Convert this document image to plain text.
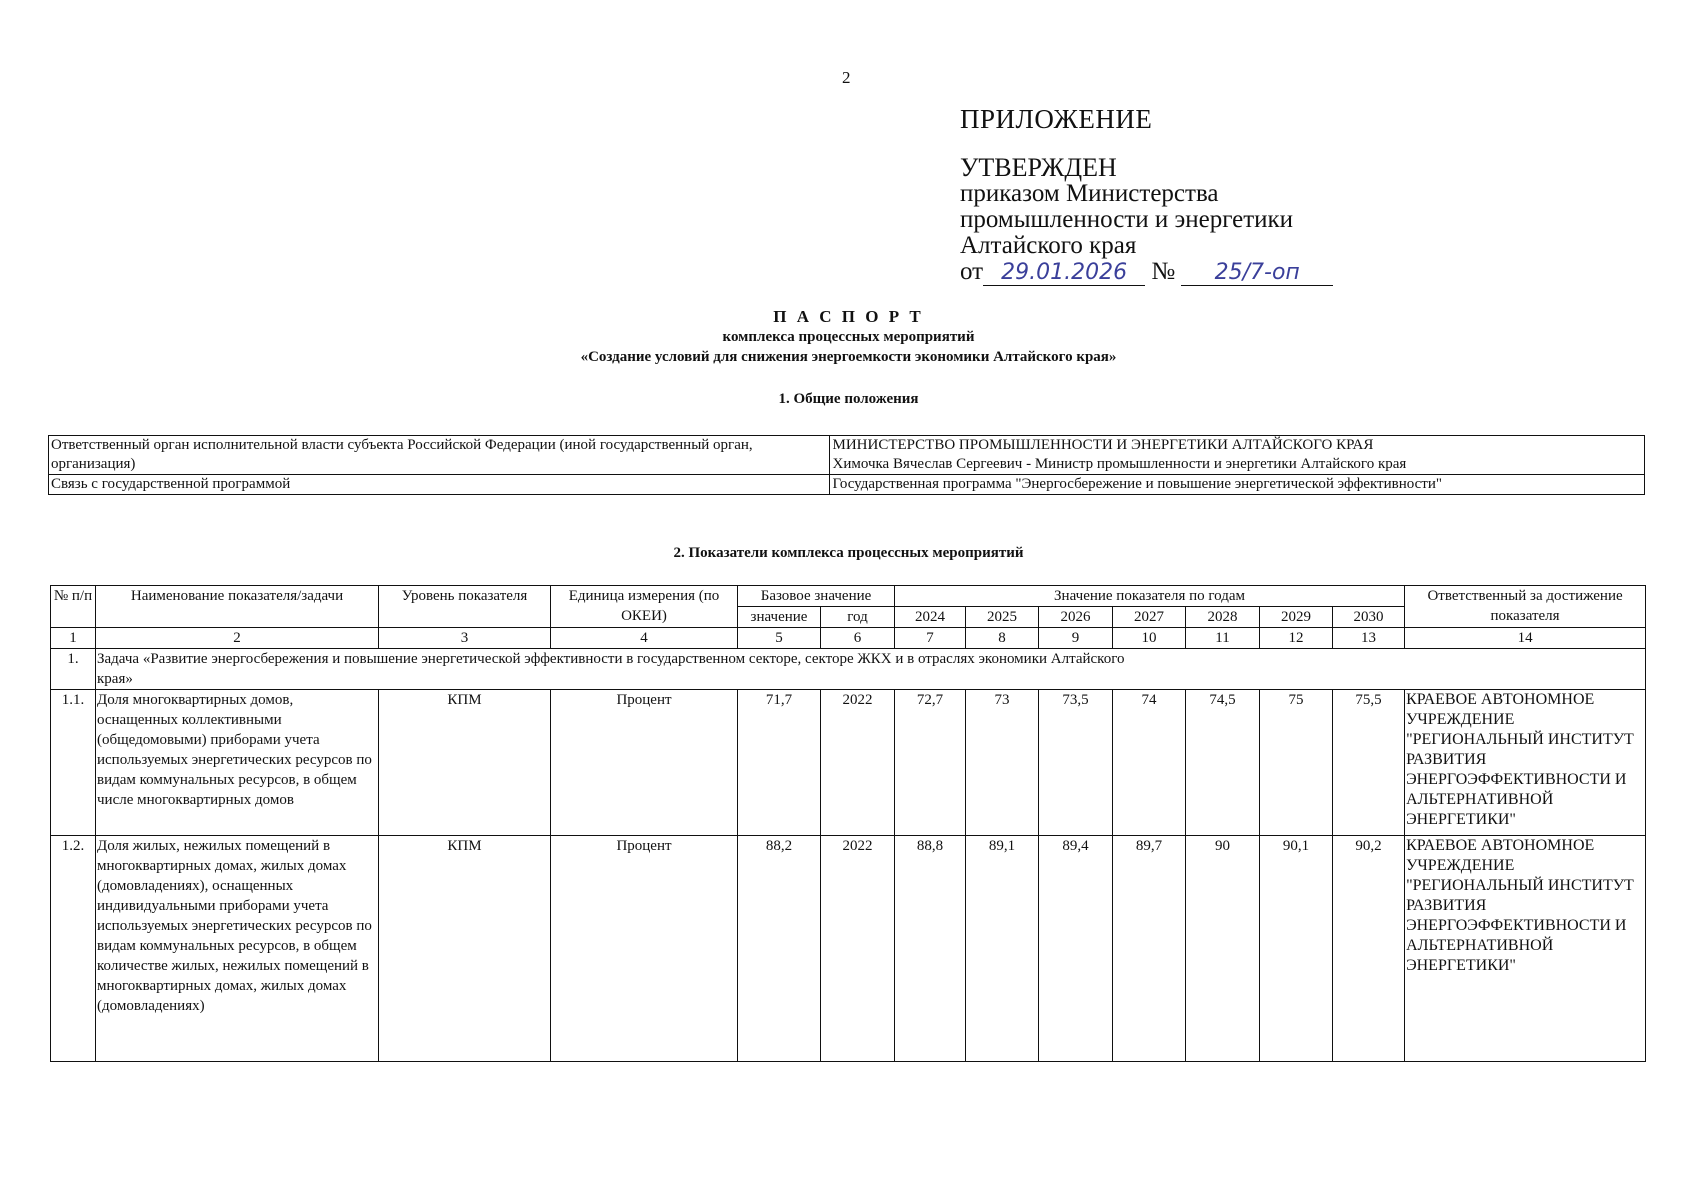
2
ПРИЛОЖЕНИЕ
УТВЕРЖДЕН
приказом Министерства
промышленности и энергетики
Алтайского края
от 29.01.2026 № 25/7-оп
П А С П О Р Т
комплекса процессных мероприятий
«Создание условий для снижения энергоемкости экономики Алтайского края»
1. Общие положения
Ответственный орган исполнительной власти субъекта Российской Федерации (иной государственный орган, организация)	МИНИСТЕРСТВО ПРОМЫШЛЕННОСТИ И ЭНЕРГЕТИКИ АЛТАЙСКОГО КРАЯ
Химочка Вячеслав Сергеевич - Министр промышленности и энергетики Алтайского края

Связь с государственной программой	Государственная программа "Энергосбережение и повышение энергетической эффективности"
2. Показатели комплекса процессных мероприятий
№ п/п	Наименование показателя/задачи	Уровень показателя	Единица измерения (по ОКЕИ)	Базовое значение		Значение показателя по годам							Ответственный за достижение показателя
				значение	год	2024	2025	2026	2027	2028	2029	2030	
1	2	3	4	5	6	7	8	9	10	11	12	13	14
1.	Задача «Развитие энергосбережения и повышение энергетической эффективности в государственном секторе, секторе ЖКХ и в отраслях экономики Алтайского края»												
1.1.	Доля многоквартирных домов, оснащенных коллективными (общедомовыми) приборами учета используемых энергетических ресурсов по видам коммунальных ресурсов, в общем числе многоквартирных домов	КПМ	Процент	71,7	2022	72,7	73	73,5	74	74,5	75	75,5	КРАЕВОЕ АВТОНОМНОЕ УЧРЕЖДЕНИЕ "РЕГИОНАЛЬНЫЙ ИНСТИТУТ РАЗВИТИЯ ЭНЕРГОЭФФЕКТИВНОСТИ И АЛЬТЕРНАТИВНОЙ ЭНЕРГЕТИКИ"
1.2.	Доля жилых, нежилых помещений в многоквартирных домах, жилых домах (домовладениях), оснащенных индивидуальными приборами учета используемых энергетических ресурсов по видам коммунальных ресурсов, в общем количестве жилых, нежилых помещений в многоквартирных домах, жилых домах (домовладениях)	КПМ	Процент	88,2	2022	88,8	89,1	89,4	89,7	90	90,1	90,2	КРАЕВОЕ АВТОНОМНОЕ УЧРЕЖДЕНИЕ "РЕГИОНАЛЬНЫЙ ИНСТИТУТ РАЗВИТИЯ ЭНЕРГОЭФФЕКТИВНОСТИ И АЛЬТЕРНАТИВНОЙ ЭНЕРГЕТИКИ"
